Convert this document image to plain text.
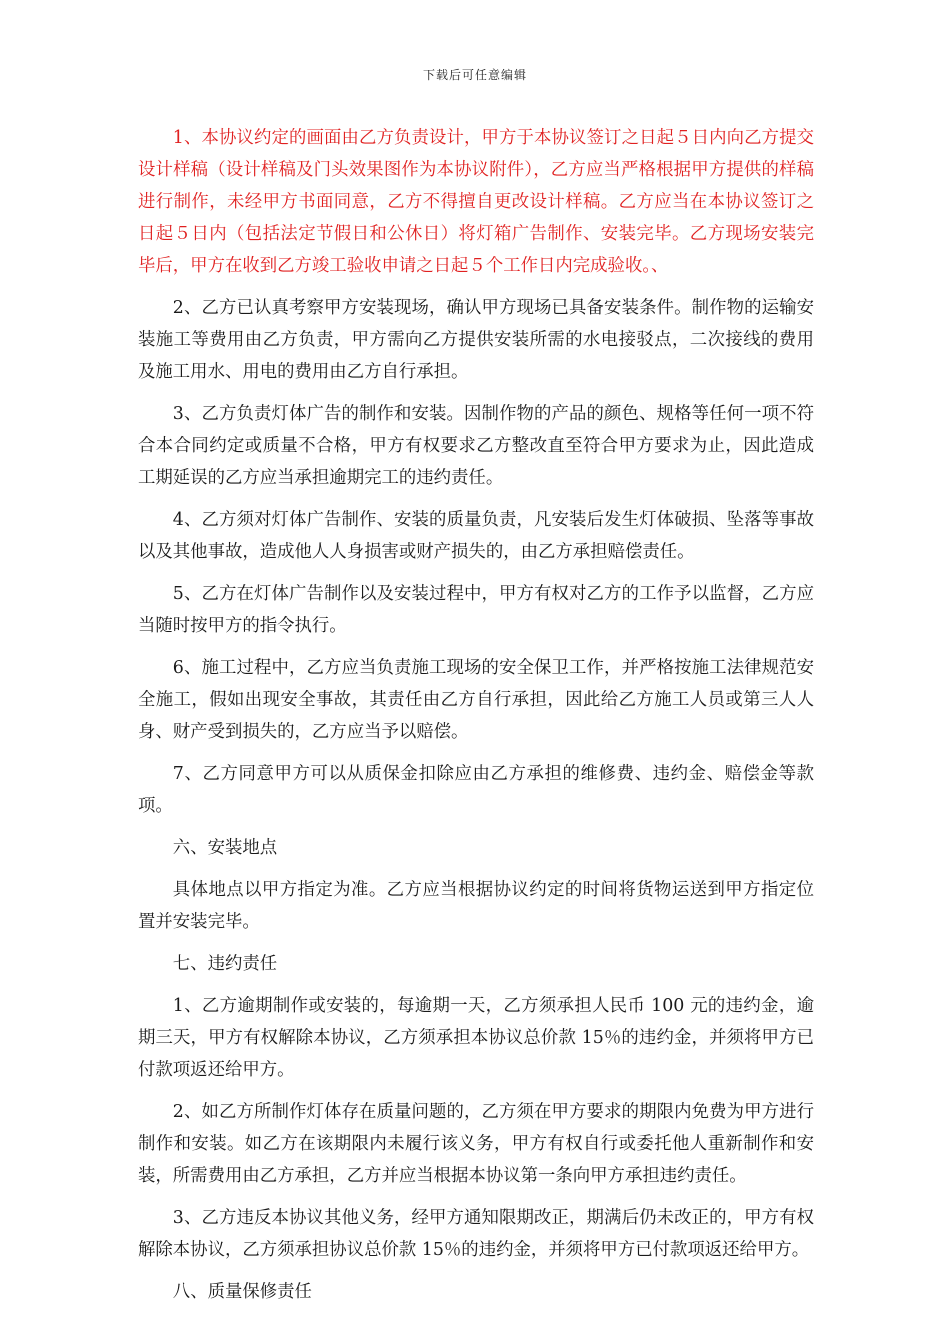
下载后可任意编辑

1、本协议约定的画面由乙方负责设计，甲方于本协议签订之日起５日内向乙方提交设计样稿（设计样稿及门头效果图作为本协议附件），乙方应当严格根据甲方提供的样稿进行制作，未经甲方书面同意，乙方不得擅自更改设计样稿。乙方应当在本协议签订之日起５日内（包括法定节假日和公休日）将灯箱广告制作、安装完毕。乙方现场安装完毕后，甲方在收到乙方竣工验收申请之日起５个工作日内完成验收。、

2、乙方已认真考察甲方安装现场，确认甲方现场已具备安装条件。制作物的运输安装施工等费用由乙方负责，甲方需向乙方提供安装所需的水电接驳点，二次接线的费用及施工用水、用电的费用由乙方自行承担。

3、乙方负责灯体广告的制作和安装。因制作物的产品的颜色、规格等任何一项不符合本合同约定或质量不合格，甲方有权要求乙方整改直至符合甲方要求为止，因此造成工期延误的乙方应当承担逾期完工的违约责任。

4、乙方须对灯体广告制作、安装的质量负责，凡安装后发生灯体破损、坠落等事故以及其他事故，造成他人人身损害或财产损失的，由乙方承担赔偿责任。

5、乙方在灯体广告制作以及安装过程中，甲方有权对乙方的工作予以监督，乙方应当随时按甲方的指令执行。

6、施工过程中，乙方应当负责施工现场的安全保卫工作，并严格按施工法律规范安全施工，假如出现安全事故，其责任由乙方自行承担，因此给乙方施工人员或第三人人身、财产受到损失的，乙方应当予以赔偿。

7、乙方同意甲方可以从质保金扣除应由乙方承担的维修费、违约金、赔偿金等款项。

六、安装地点

具体地点以甲方指定为准。乙方应当根据协议约定的时间将货物运送到甲方指定位置并安装完毕。

七、违约责任

1、乙方逾期制作或安装的，每逾期一天，乙方须承担人民币 100 元的违约金，逾期三天，甲方有权解除本协议，乙方须承担本协议总价款 15％的违约金，并须将甲方已付款项返还给甲方。

2、如乙方所制作灯体存在质量问题的，乙方须在甲方要求的期限内免费为甲方进行制作和安装。如乙方在该期限内未履行该义务，甲方有权自行或委托他人重新制作和安装，所需费用由乙方承担，乙方并应当根据本协议第一条向甲方承担违约责任。

3、乙方违反本协议其他义务，经甲方通知限期改正，期满后仍未改正的，甲方有权解除本协议，乙方须承担协议总价款 15％的违约金，并须将甲方已付款项返还给甲方。

八、质量保修责任
